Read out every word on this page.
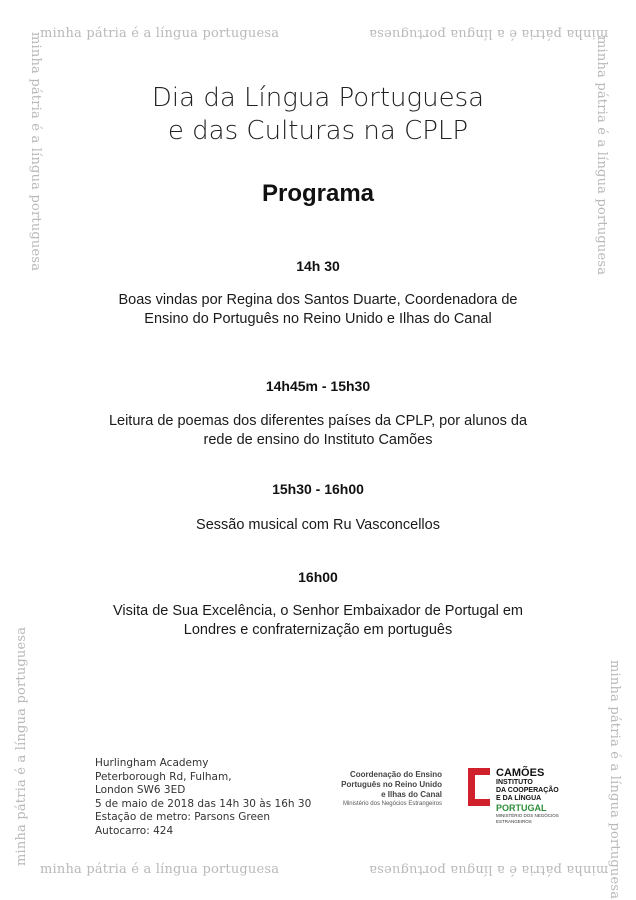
minha pátria é a língua portuguesa	minha pátria é a língua portuguesa
minha pátria é a língua portuguesa	minha pátria é a língua portuguesa
minha pátria é a língua portuguesa
minha pátria é a língua portuguesa
minha pátria é a língua portuguesa
minha pátria é a língua portuguesa
Dia da Língua Portuguesa
e das Culturas na CPLP
Programa
14h 30
Boas vindas por Regina dos Santos Duarte, Coordenadora de Ensino do Português no Reino Unido e Ilhas do Canal
14h45m - 15h30
Leitura de poemas dos diferentes países da CPLP, por alunos da rede de ensino do Instituto Camões
15h30 - 16h00
Sessão musical com Ru Vasconcellos
16h00
Visita de Sua Excelência, o Senhor Embaixador de Portugal em Londres e confraternização em português
Hurlingham Academy
Peterborough Rd, Fulham,
London SW6 3ED
5 de maio de 2018 das 14h 30 às 16h 30
Estação de metro: Parsons Green
Autocarro: 424
Coordenação do Ensino
Português no Reino Unido
e Ilhas do Canal
Ministério dos Negócios Estrangeiros
CAMÕES
INSTITUTO
DA COOPERAÇÃO
E DA LÍNGUA
PORTUGAL
MINISTÉRIO DOS NEGÓCIOS ESTRANGEIROS
